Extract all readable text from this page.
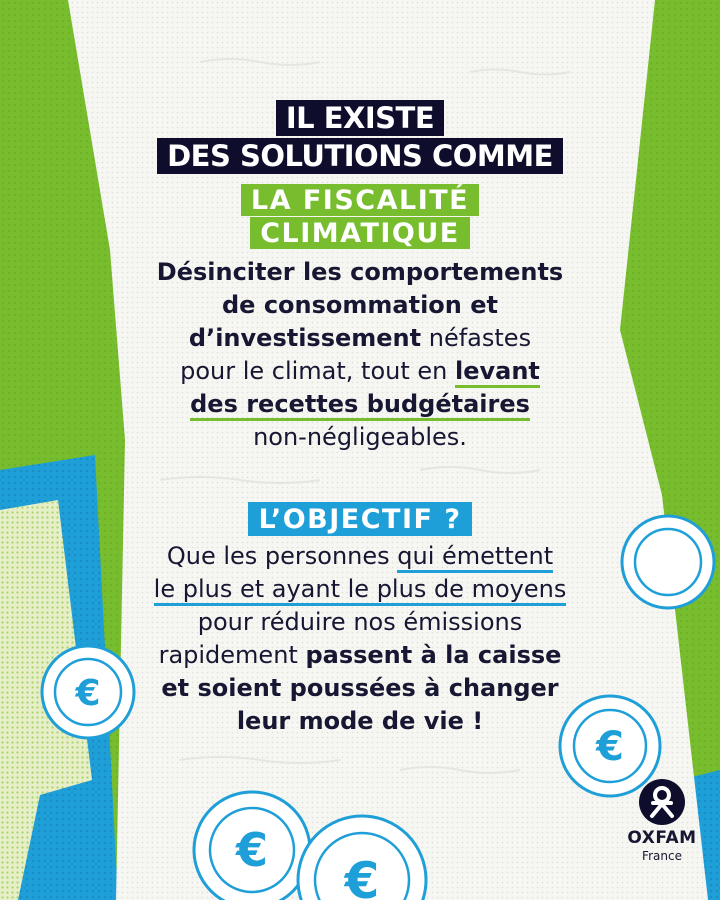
€
€
€
€
IL EXISTE
DES SOLUTIONS COMME
LA FISCALITÉ
CLIMATIQUE
Désinciter les comportements
de consommation et
d’investissement néfastes
pour le climat, tout en levant
des recettes budgétaires
non-négligeables.
L’OBJECTIF ?
Que les personnes qui émettent
le plus et ayant le plus de moyens
pour réduire nos émissions
rapidement passent à la caisse
et soient poussées à changer
leur mode de vie !
OXFAM
France
